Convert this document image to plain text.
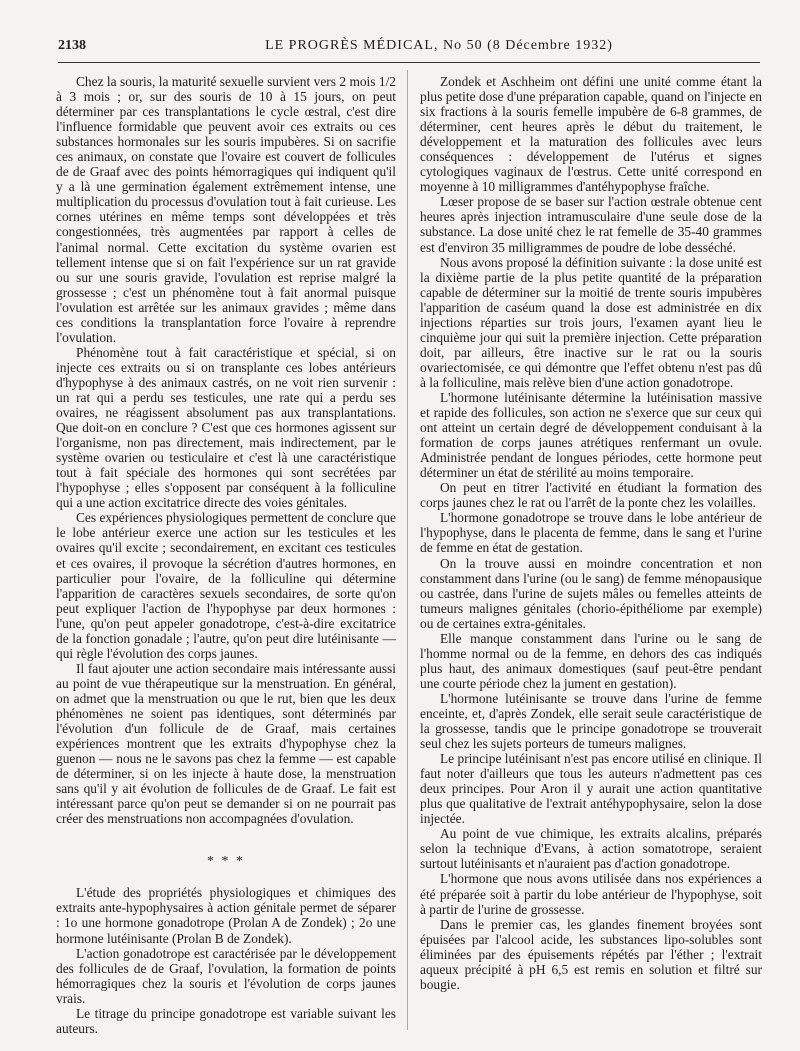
2138	LE PROGRÈS MÉDICAL, No 50 (8 Décembre 1932)

Chez la souris, la maturité sexuelle survient vers 2 mois 1/2 à 3 mois ; or, sur des souris de 10 à 15 jours, on peut déterminer par ces transplantations le cycle œstral, c'est dire l'influence formidable que peuvent avoir ces extraits ou ces substances hormonales sur les souris impubères. Si on sacrifie ces animaux, on constate que l'ovaire est couvert de follicules de de Graaf avec des points hémorragiques qui indiquent qu'il y a là une germination également extrêmement intense, une multiplication du processus d'ovulation tout à fait curieuse. Les cornes utérines en même temps sont développées et très congestionnées, très augmentées par rapport à celles de l'animal normal. Cette excitation du système ovarien est tellement intense que si on fait l'expérience sur un rat gravide ou sur une souris gravide, l'ovulation est reprise malgré la grossesse ; c'est un phénomène tout à fait anormal puisque l'ovulation est arrêtée sur les animaux gravides ; même dans ces conditions la transplantation force l'ovaire à reprendre l'ovulation.

Phénomène tout à fait caractéristique et spécial, si on injecte ces extraits ou si on transplante ces lobes antérieurs d'hypophyse à des animaux castrés, on ne voit rien survenir : un rat qui a perdu ses testicules, une rate qui a perdu ses ovaires, ne réagissent absolument pas aux transplantations. Que doit-on en conclure ? C'est que ces hormones agissent sur l'organisme, non pas directement, mais indirectement, par le système ovarien ou testiculaire et c'est là une caractéristique tout à fait spéciale des hormones qui sont secrétées par l'hypophyse ; elles s'opposent par conséquent à la folliculine qui a une action excitatrice directe des voies génitales.

Ces expériences physiologiques permettent de conclure que le lobe antérieur exerce une action sur les testicules et les ovaires qu'il excite ; secondairement, en excitant ces testicules et ces ovaires, il provoque la sécrétion d'autres hormones, en particulier pour l'ovaire, de la folliculine qui détermine l'apparition de caractères sexuels secondaires, de sorte qu'on peut expliquer l'action de l'hypophyse par deux hormones : l'une, qu'on peut appeler gonadotrope, c'est-à-dire excitatrice de la fonction gonadale ; l'autre, qu'on peut dire lutéinisante — qui règle l'évolution des corps jaunes.

Il faut ajouter une action secondaire mais intéressante aussi au point de vue thérapeutique sur la menstruation. En général, on admet que la menstruation ou que le rut, bien que les deux phénomènes ne soient pas identiques, sont déterminés par l'évolution d'un follicule de de Graaf, mais certaines expériences montrent que les extraits d'hypophyse chez la guenon — nous ne le savons pas chez la femme — est capable de déterminer, si on les injecte à haute dose, la menstruation sans qu'il y ait évolution de follicules de de Graaf. Le fait est intéressant parce qu'on peut se demander si on ne pourrait pas créer des menstruations non accompagnées d'ovulation.

* * *

L'étude des propriétés physiologiques et chimiques des extraits ante-hypophysaires à action génitale permet de séparer : 1o une hormone gonadotrope (Prolan A de Zondek) ; 2o une hormone lutéinisante (Prolan B de Zondek).

L'action gonadotrope est caractérisée par le développement des follicules de de Graaf, l'ovulation, la formation de points hémorragiques chez la souris et l'évolution de corps jaunes vrais.

Le titrage du principe gonadotrope est variable suivant les auteurs.

Zondek et Aschheim ont défini une unité comme étant la plus petite dose d'une préparation capable, quand on l'injecte en six fractions à la souris femelle impubère de 6-8 grammes, de déterminer, cent heures après le début du traitement, le développement et la maturation des follicules avec leurs conséquences : développement de l'utérus et signes cytologiques vaginaux de l'œstrus. Cette unité correspond en moyenne à 10 milligrammes d'antéhypophyse fraîche.

Lœser propose de se baser sur l'action œstrale obtenue cent heures après injection intramusculaire d'une seule dose de la substance. La dose unité chez le rat femelle de 35-40 grammes est d'environ 35 milligrammes de poudre de lobe desséché.

Nous avons proposé la définition suivante : la dose unité est la dixième partie de la plus petite quantité de la préparation capable de déterminer sur la moitié de trente souris impubères l'apparition de caséum quand la dose est administrée en dix injections réparties sur trois jours, l'examen ayant lieu le cinquième jour qui suit la première injection. Cette préparation doit, par ailleurs, être inactive sur le rat ou la souris ovariectomisée, ce qui démontre que l'effet obtenu n'est pas dû à la folliculine, mais relève bien d'une action gonadotrope.

L'hormone lutéinisante détermine la lutéinisation massive et rapide des follicules, son action ne s'exerce que sur ceux qui ont atteint un certain degré de développement conduisant à la formation de corps jaunes atrétiques renfermant un ovule. Administrée pendant de longues périodes, cette hormone peut déterminer un état de stérilité au moins temporaire.

On peut en titrer l'activité en étudiant la formation des corps jaunes chez le rat ou l'arrêt de la ponte chez les volailles.

L'hormone gonadotrope se trouve dans le lobe antérieur de l'hypophyse, dans le placenta de femme, dans le sang et l'urine de femme en état de gestation.

On la trouve aussi en moindre concentration et non constamment dans l'urine (ou le sang) de femme ménopausique ou castrée, dans l'urine de sujets mâles ou femelles atteints de tumeurs malignes génitales (chorio-épithéliome par exemple) ou de certaines extra-génitales.

Elle manque constamment dans l'urine ou le sang de l'homme normal ou de la femme, en dehors des cas indiqués plus haut, des animaux domestiques (sauf peut-être pendant une courte période chez la jument en gestation).

L'hormone lutéinisante se trouve dans l'urine de femme enceinte, et, d'après Zondek, elle serait seule caractéristique de la grossesse, tandis que le principe gonadotrope se trouverait seul chez les sujets porteurs de tumeurs malignes.

Le principe lutéinisant n'est pas encore utilisé en clinique. Il faut noter d'ailleurs que tous les auteurs n'admettent pas ces deux principes. Pour Aron il y aurait une action quantitative plus que qualitative de l'extrait antéhypophysaire, selon la dose injectée.

Au point de vue chimique, les extraits alcalins, préparés selon la technique d'Evans, à action somatotrope, seraient surtout lutéinisants et n'auraient pas d'action gonadotrope.

L'hormone que nous avons utilisée dans nos expériences a été préparée soit à partir du lobe antérieur de l'hypophyse, soit à partir de l'urine de grossesse.

Dans le premier cas, les glandes finement broyées sont épuisées par l'alcool acide, les substances lipo-solubles sont éliminées par des épuisements répétés par l'éther ; l'extrait aqueux précipité à pH 6,5 est remis en solution et filtré sur bougie.
